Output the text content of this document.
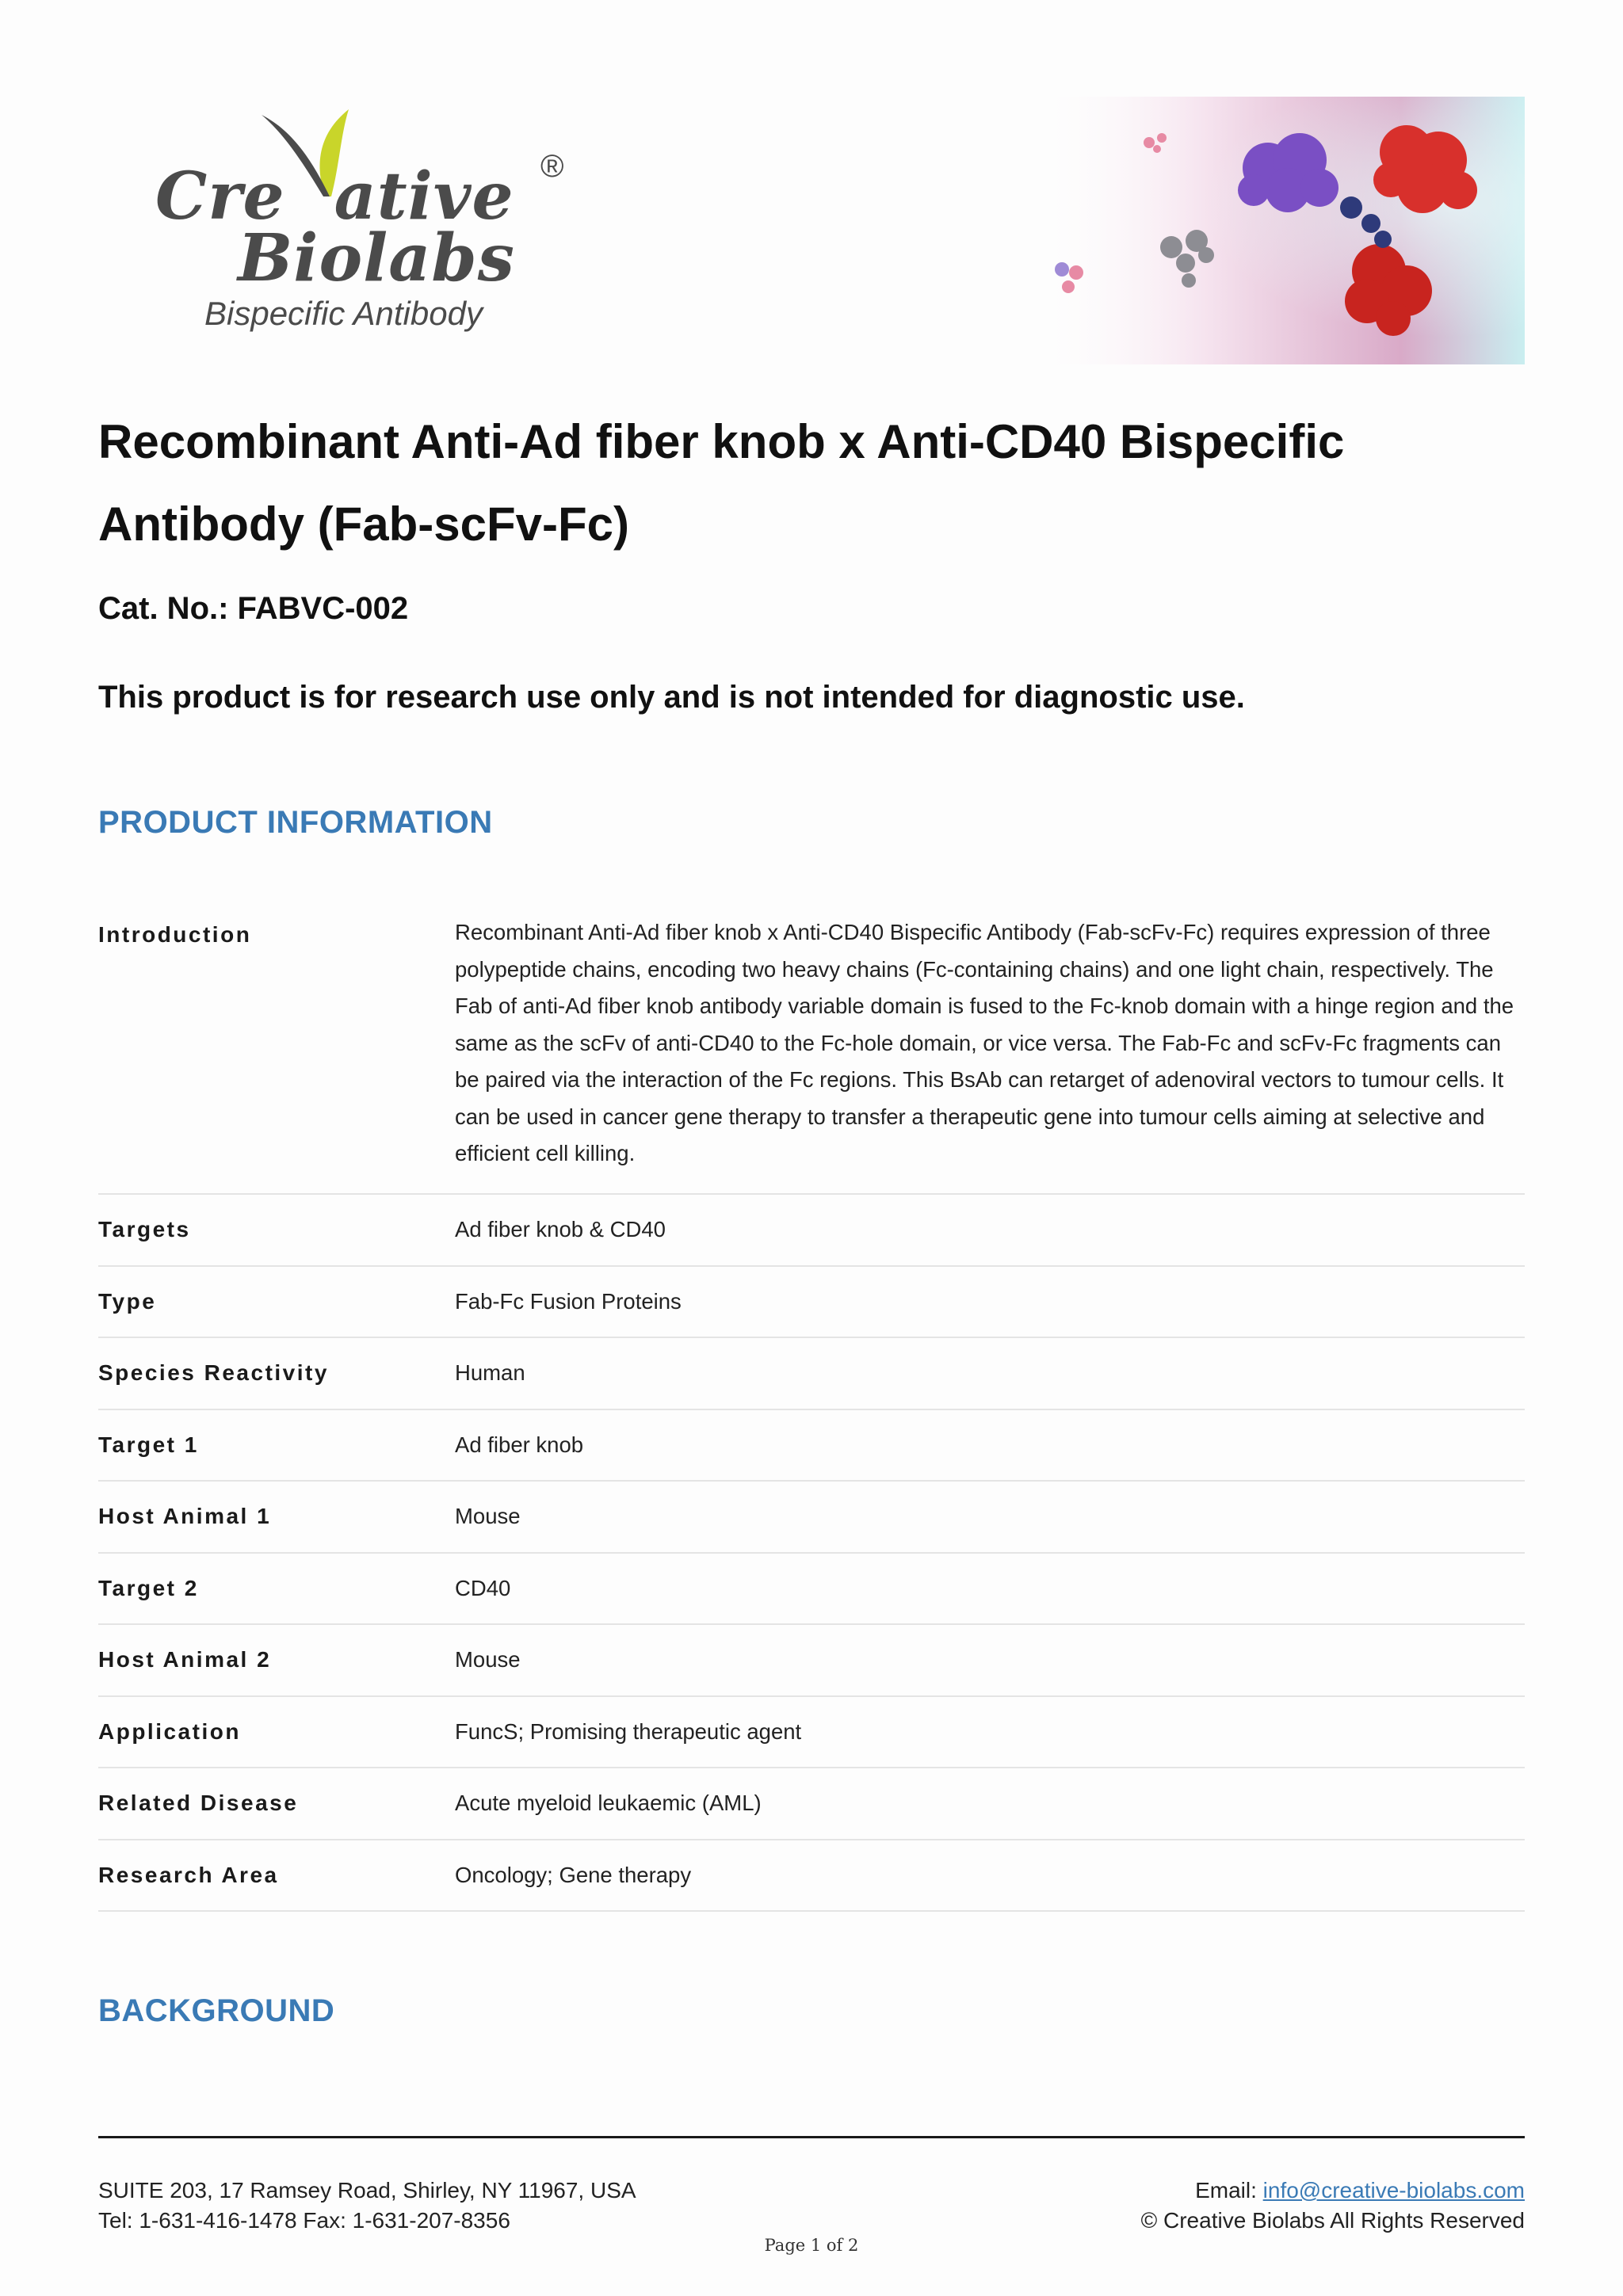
Cre ative ®
Biolabs
Bispecific Antibody
Recombinant Anti-Ad fiber knob x Anti-CD40 Bispecific Antibody (Fab-scFv-Fc)
Cat. No.: FABVC-002
This product is for research use only and is not intended for diagnostic use.
PRODUCT INFORMATION
Introduction	Recombinant Anti-Ad fiber knob x Anti-CD40 Bispecific Antibody (Fab-scFv-Fc) requires expression of three polypeptide chains, encoding two heavy chains (Fc-containing chains) and one light chain, respectively. The Fab of anti-Ad fiber knob antibody variable domain is fused to the Fc-knob domain with a hinge region and the same as the scFv of anti-CD40 to the Fc-hole domain, or vice versa. The Fab-Fc and scFv-Fc fragments can be paired via the interaction of the Fc regions. This BsAb can retarget of adenoviral vectors to tumour cells. It can be used in cancer gene therapy to transfer a therapeutic gene into tumour cells aiming at selective and efficient cell killing.
Targets	Ad fiber knob & CD40
Type	Fab-Fc Fusion Proteins
Species Reactivity	Human
Target 1	Ad fiber knob
Host Animal 1	Mouse
Target 2	CD40
Host Animal 2	Mouse
Application	FuncS; Promising therapeutic agent
Related Disease	Acute myeloid leukaemic (AML)
Research Area	Oncology; Gene therapy
BACKGROUND
SUITE 203, 17 Ramsey Road, Shirley, NY 11967, USA
Tel: 1-631-416-1478 Fax: 1-631-207-8356
Email: info@creative-biolabs.com
© Creative Biolabs All Rights Reserved
Page 1 of 2
